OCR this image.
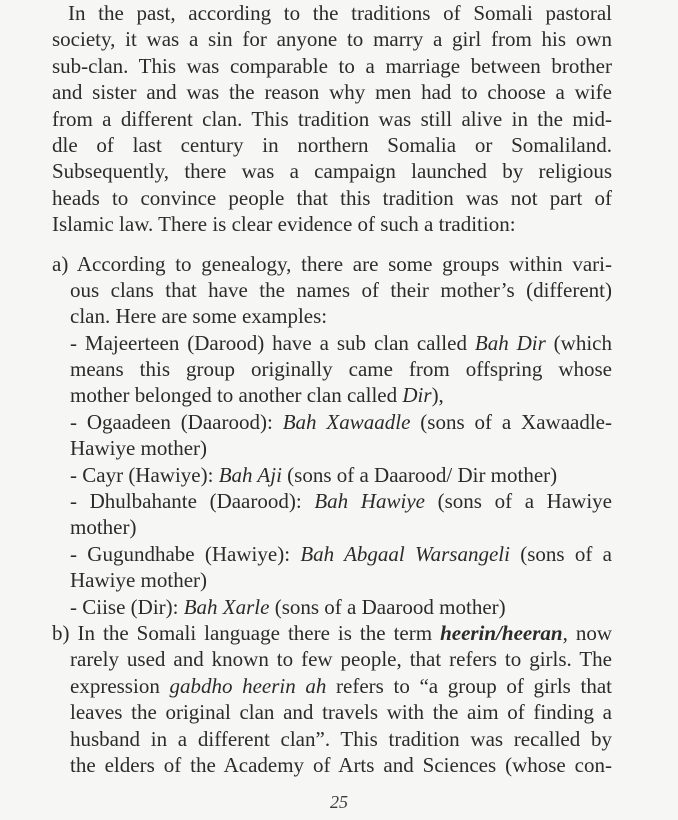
In the past, according to the traditions of Somali pastoral
society, it was a sin for anyone to marry a girl from his own
sub-clan. This was comparable to a marriage between brother
and sister and was the reason why men had to choose a wife
from a different clan. This tradition was still alive in the mid-
dle of last century in northern Somalia or Somaliland.
Subsequently, there was a campaign launched by religious
heads to convince people that this tradition was not part of
Islamic law. There is clear evidence of such a tradition:
a) According to genealogy, there are some groups within vari-
ous clans that have the names of their mother’s (different)
clan. Here are some examples:
- Majeerteen (Darood) have a sub clan called Bah Dir (which
means this group originally came from offspring whose
mother belonged to another clan called Dir),
- Ogaadeen (Daarood): Bah Xawaadle (sons of a Xawaadle-
Hawiye mother)
- Cayr (Hawiye): Bah Aji (sons of a Daarood/ Dir mother)
- Dhulbahante (Daarood): Bah Hawiye (sons of a Hawiye
mother)
- Gugundhabe (Hawiye): Bah Abgaal Warsangeli (sons of a
Hawiye mother)
- Ciise (Dir): Bah Xarle (sons of a Daarood mother)
b) In the Somali language there is the term heerin/heeran, now
rarely used and known to few people, that refers to girls. The
expression gabdho heerin ah refers to “a group of girls that
leaves the original clan and travels with the aim of finding a
husband in a different clan”. This tradition was recalled by
the elders of the Academy of Arts and Sciences (whose con-
25
